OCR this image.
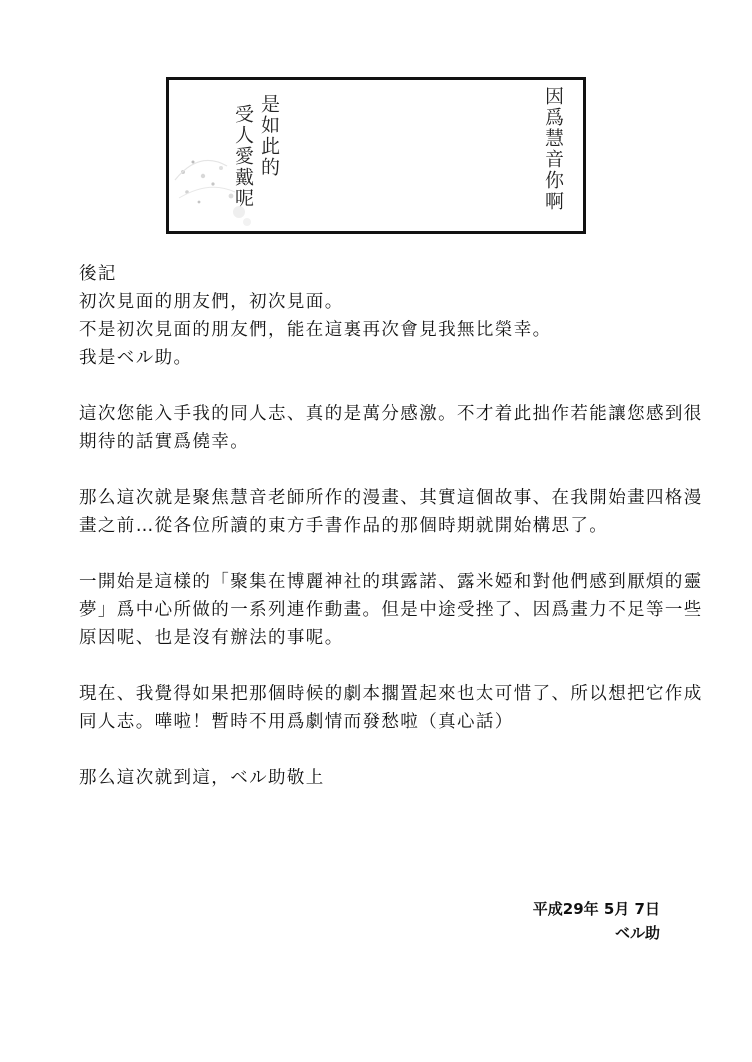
因爲慧音你啊
是如此的
受人愛戴呢

後記

初次見面的朋友們，初次見面。

不是初次見面的朋友們，能在這裏再次會見我無比榮幸。

我是ベル助。

這次您能入手我的同人志、真的是萬分感激。不才着此拙作若能讓您感到很期待的話實爲僥幸。

那么這次就是聚焦慧音老師所作的漫畫、其實這個故事、在我開始畫四格漫畫之前…從各位所讀的東方手書作品的那個時期就開始構思了。

一開始是這樣的「聚集在博麗神社的琪露諾、露米婭和對他們感到厭煩的靈夢」爲中心所做的一系列連作動畫。但是中途受挫了、因爲畫力不足等一些原因呢、也是沒有辦法的事呢。

現在、我覺得如果把那個時候的劇本擱置起來也太可惜了、所以想把它作成同人志。嘩啦！暫時不用爲劇情而發愁啦（真心話）

那么這次就到這，ベル助敬上

平成29年 5月 7日
ベル助
